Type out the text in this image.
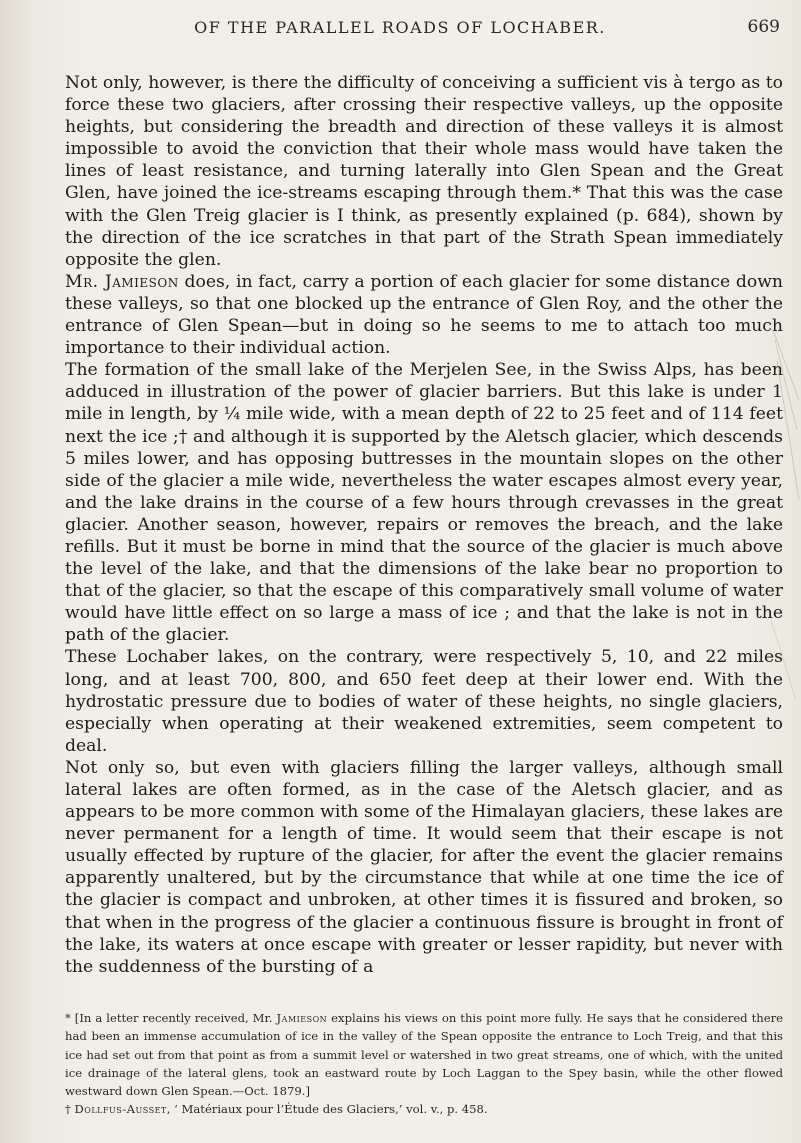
OF THE PARALLEL ROADS OF LOCHABER.	669

Not only, however, is there the difficulty of conceiving a sufficient vis à tergo as to force these two glaciers, after crossing their respective valleys, up the opposite heights, but considering the breadth and direction of these valleys it is almost impossible to avoid the conviction that their whole mass would have taken the lines of least resistance, and turning laterally into Glen Spean and the Great Glen, have joined the ice-streams escaping through them.* That this was the case with the Glen Treig glacier is I think, as presently explained (p. 684), shown by the direction of the ice scratches in that part of the Strath Spean immediately opposite the glen.

Mr. Jamieson does, in fact, carry a portion of each glacier for some distance down these valleys, so that one blocked up the entrance of Glen Roy, and the other the entrance of Glen Spean—but in doing so he seems to me to attach too much importance to their individual action.

The formation of the small lake of the Merjelen See, in the Swiss Alps, has been adduced in illustration of the power of glacier barriers. But this lake is under 1 mile in length, by ¼ mile wide, with a mean depth of 22 to 25 feet and of 114 feet next the ice ;† and although it is supported by the Aletsch glacier, which descends 5 miles lower, and has opposing buttresses in the mountain slopes on the other side of the glacier a mile wide, nevertheless the water escapes almost every year, and the lake drains in the course of a few hours through crevasses in the great glacier. Another season, however, repairs or removes the breach, and the lake refills. But it must be borne in mind that the source of the glacier is much above the level of the lake, and that the dimensions of the lake bear no proportion to that of the glacier, so that the escape of this comparatively small volume of water would have little effect on so large a mass of ice ; and that the lake is not in the path of the glacier.

These Lochaber lakes, on the contrary, were respectively 5, 10, and 22 miles long, and at least 700, 800, and 650 feet deep at their lower end. With the hydrostatic pressure due to bodies of water of these heights, no single glaciers, especially when operating at their weakened extremities, seem competent to deal.

Not only so, but even with glaciers filling the larger valleys, although small lateral lakes are often formed, as in the case of the Aletsch glacier, and as appears to be more common with some of the Himalayan glaciers, these lakes are never permanent for a length of time. It would seem that their escape is not usually effected by rupture of the glacier, for after the event the glacier remains apparently unaltered, but by the circumstance that while at one time the ice of the glacier is compact and unbroken, at other times it is fissured and broken, so that when in the progress of the glacier a continuous fissure is brought in front of the lake, its waters at once escape with greater or lesser rapidity, but never with the suddenness of the bursting of a

* [In a letter recently received, Mr. Jamieson explains his views on this point more fully. He says that he considered there had been an immense accumulation of ice in the valley of the Spean opposite the entrance to Loch Treig, and that this ice had set out from that point as from a summit level or watershed in two great streams, one of which, with the united ice drainage of the lateral glens, took an eastward route by Loch Laggan to the Spey basin, while the other flowed westward down Glen Spean.—Oct. 1879.]

† Dollfus-Ausset, ‘ Matériaux pour l’Étude des Glaciers,’ vol. v., p. 458.
